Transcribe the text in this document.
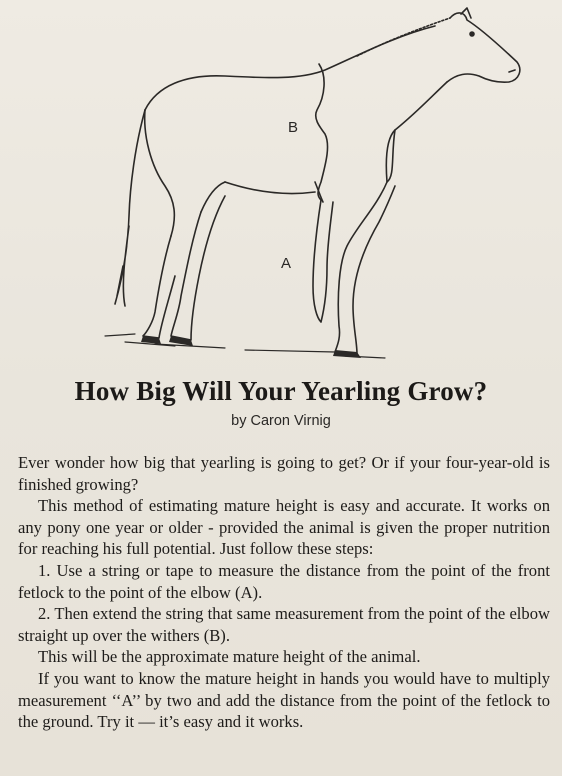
B
A
How Big Will Your Yearling Grow?
by Caron Virnig

Ever wonder how big that yearling is going to get? Or if your four-year-old is finished growing?

This method of estimating mature height is easy and accurate. It works on any pony one year or older - provided the animal is given the proper nutrition for reaching his full potential. Just follow these steps:

1. Use a string or tape to measure the distance from the point of the front fetlock to the point of the elbow (A).

2. Then extend the string that same measurement from the point of the elbow straight up over the withers (B).

This will be the approximate mature height of the animal.

If you want to know the mature height in hands you would have to multiply measurement ‘‘A’’ by two and add the distance from the point of the fetlock to the ground. Try it — it’s easy and it works.
